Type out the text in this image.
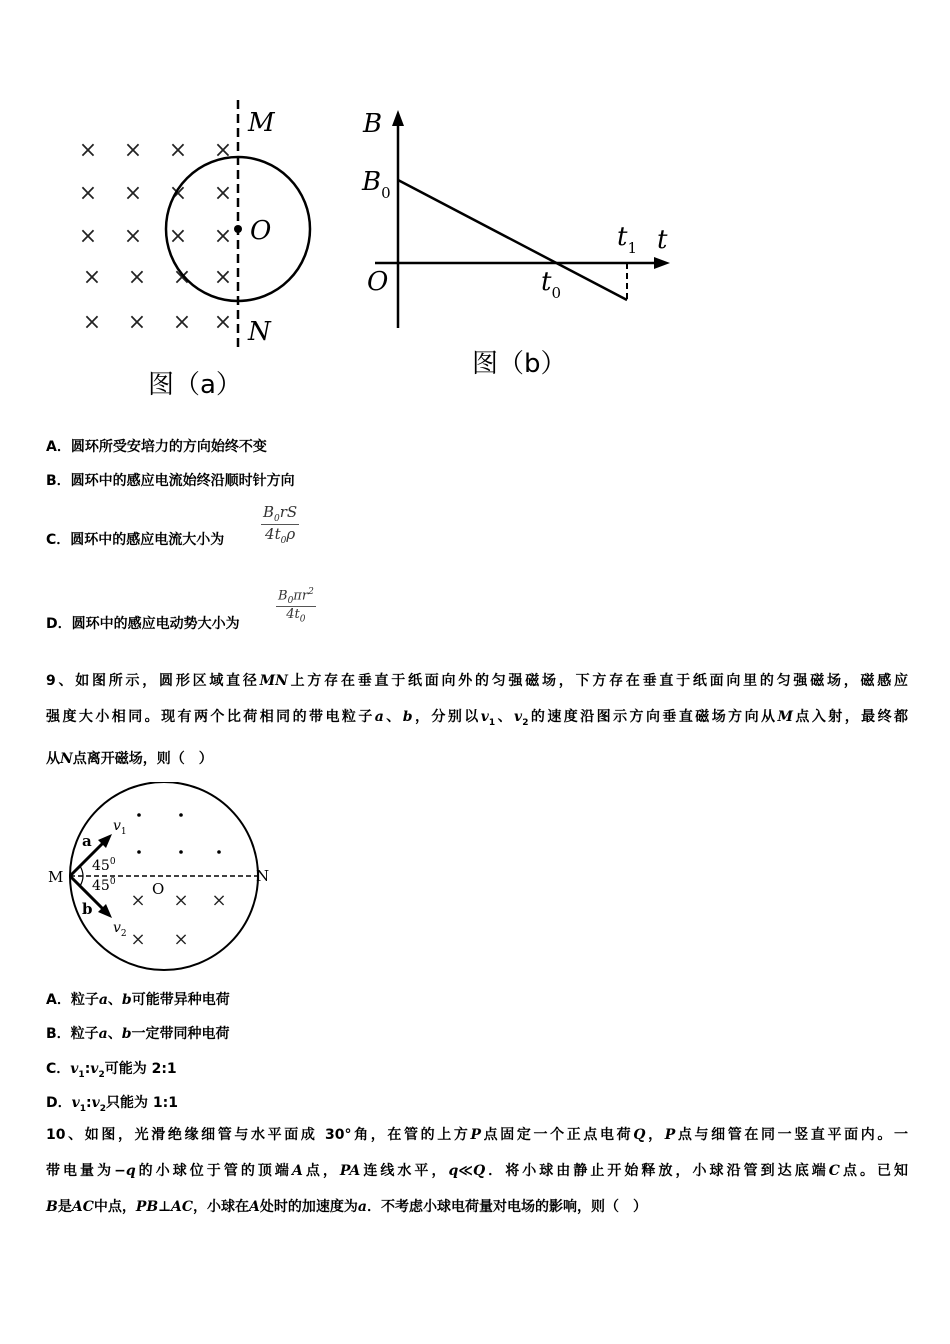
× × × ×
× × × ×
× × × ×
× × × ×
× × × ×
M
O
N
图（a）
B
$B_0$
O	$t_0$
$t_1$ t
图（b）
A．圆环所受安培力的方向始终不变
B．圆环中的感应电流始终沿顺时针方向
C．圆环中的感应电流大小为 $\frac{B_0rS}{4t_0\rho}$
D．圆环中的感应电动势大小为	$\frac{B_0\pi r^2}{4t_0}$
9、如图所示，圆形区域直径MN上方存在垂直于纸面向外的匀强磁场，下方存在垂直于纸面向里的匀强磁场，磁感应
强度大小相同。现有两个比荷相同的带电粒子a、b，分别以$v_1$、$v_2$的速度沿图示方向垂直磁场方向从M点入射，最终都
从N点离开磁场，则（　）
× × ×
× ×
M	N
O
a
b
$v_1$
$v_2$
$45^0$
$45^0$
A．粒子a、b可能带异种电荷
B．粒子a、b一定带同种电荷
C．$v_1:v_2$可能为 2:1
D．$v_1:v_2$只能为 1:1
10、如图，光滑绝缘细管与水平面成 30°角，在管的上方P点固定一个正点电荷Q，P点与细管在同一竖直平面内。一
带电量为−q的小球位于管的顶端A点，PA连线水平，q≪Q．将小球由静止开始释放，小球沿管到达底端C点。已知
B是AC中点，PB⊥AC，小球在A处时的加速度为a．不考虑小球电荷量对电场的影响，则（　）
